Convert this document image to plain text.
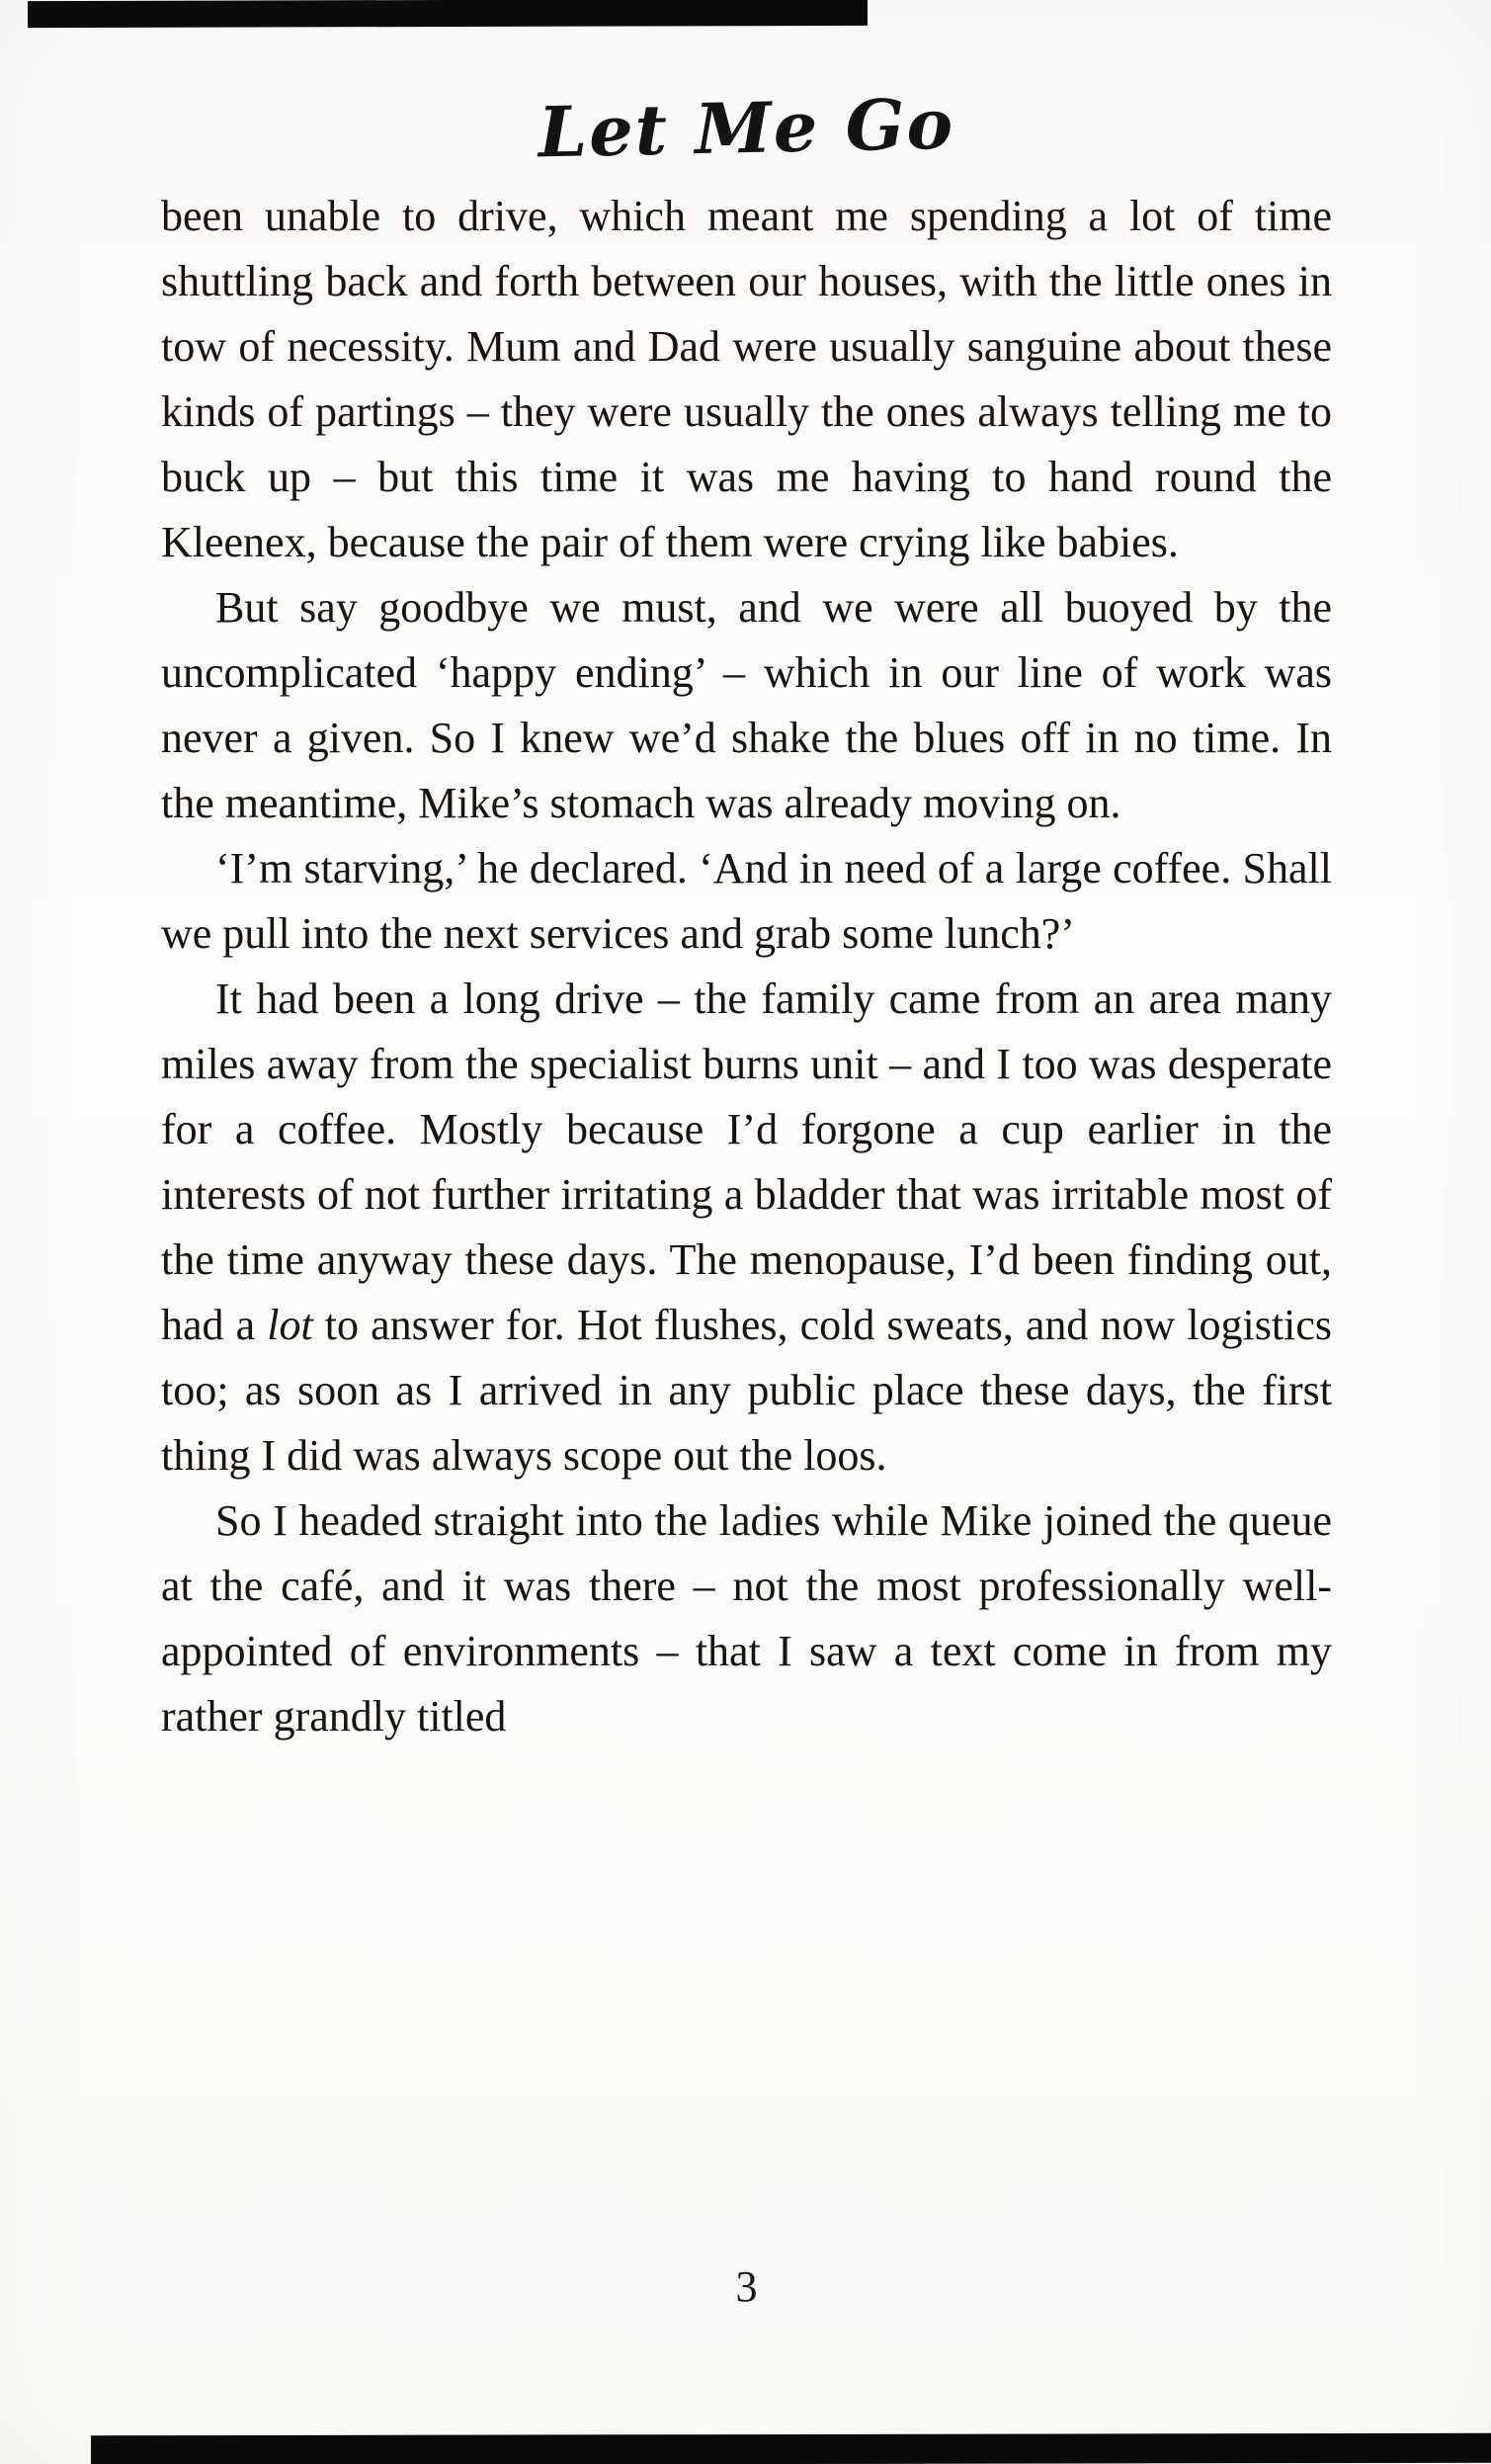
Let Me Go

been unable to drive, which meant me spending a lot of time shuttling back and forth between our houses, with the little ones in tow of necessity. Mum and Dad were usually sanguine about these kinds of partings – they were usually the ones always telling me to buck up – but this time it was me having to hand round the Kleenex, because the pair of them were crying like babies.

But say goodbye we must, and we were all buoyed by the uncomplicated ‘happy ending’ – which in our line of work was never a given. So I knew we’d shake the blues off in no time. In the meantime, Mike’s stomach was already moving on.

‘I’m starving,’ he declared. ‘And in need of a large coffee. Shall we pull into the next services and grab some lunch?’

It had been a long drive – the family came from an area many miles away from the specialist burns unit – and I too was desperate for a coffee. Mostly because I’d forgone a cup earlier in the interests of not further irritating a bladder that was irritable most of the time anyway these days. The menopause, I’d been finding out, had a lot to answer for. Hot flushes, cold sweats, and now logistics too; as soon as I arrived in any public place these days, the first thing I did was always scope out the loos.

So I headed straight into the ladies while Mike joined the queue at the café, and it was there – not the most professionally well-appointed of environments – that I saw a text come in from my rather grandly titled

3
